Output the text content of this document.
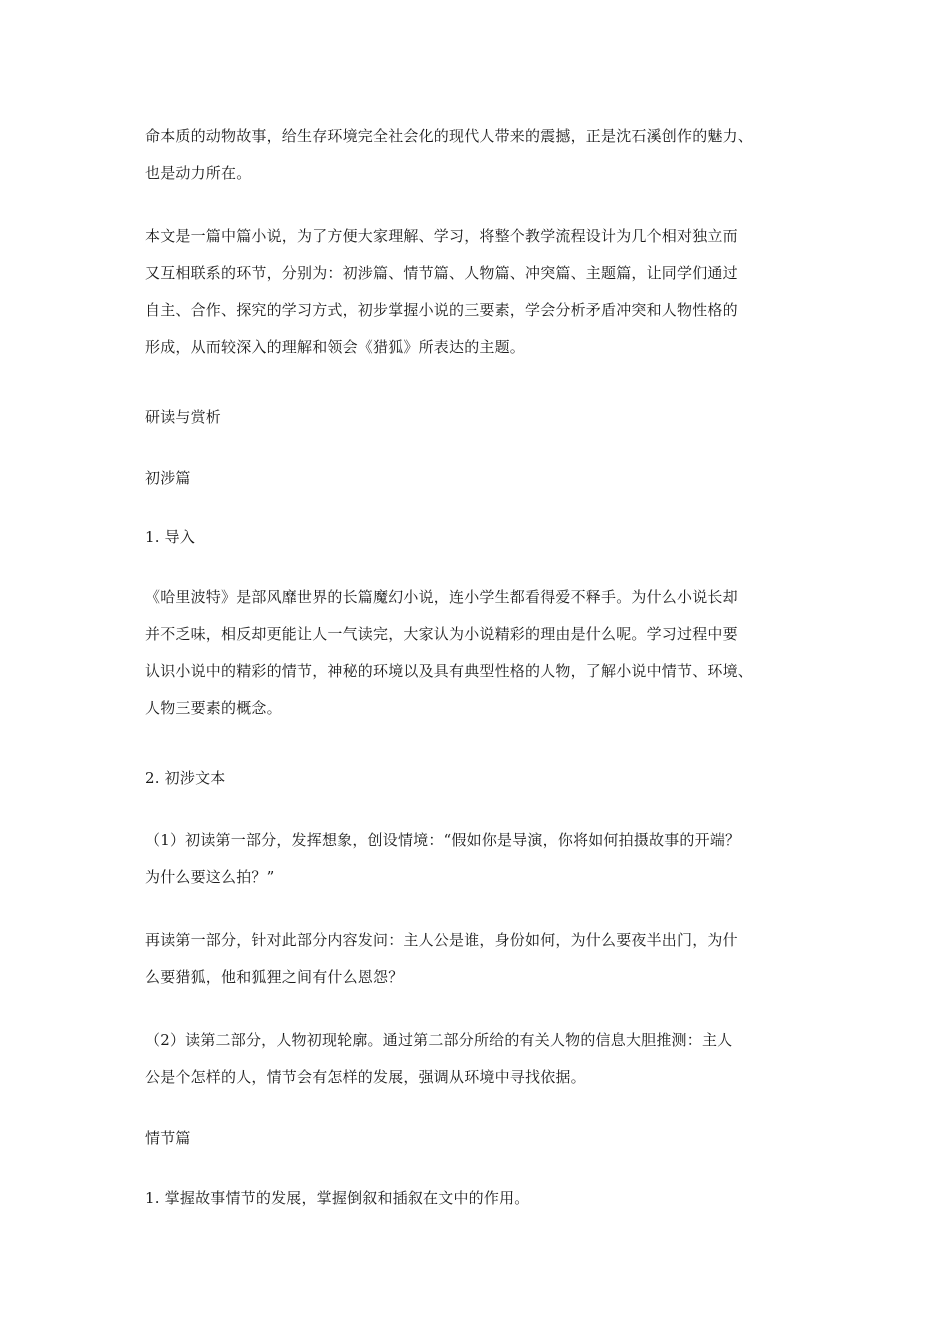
命本质的动物故事，给生存环境完全社会化的现代人带来的震撼，正是沈石溪创作的魅力、
也是动力所在。
本文是一篇中篇小说，为了方便大家理解、学习，将整个教学流程设计为几个相对独立而
又互相联系的环节，分别为：初涉篇、情节篇、人物篇、冲突篇、主题篇，让同学们通过
自主、合作、探究的学习方式，初步掌握小说的三要素，学会分析矛盾冲突和人物性格的
形成，从而较深入的理解和领会《猎狐》所表达的主题。
研读与赏析
初涉篇
1. 导入
《哈里波特》是部风靡世界的长篇魔幻小说，连小学生都看得爱不释手。为什么小说长却
并不乏味，相反却更能让人一气读完，大家认为小说精彩的理由是什么呢。学习过程中要
认识小说中的精彩的情节，神秘的环境以及具有典型性格的人物，了解小说中情节、环境、
人物三要素的概念。
2. 初涉文本
（1）初读第一部分，发挥想象，创设情境：“假如你是导演，你将如何拍摄故事的开端？
为什么要这么拍？”
再读第一部分，针对此部分内容发问：主人公是谁，身份如何，为什么要夜半出门，为什
么要猎狐，他和狐狸之间有什么恩怨？
（2）读第二部分，人物初现轮廓。通过第二部分所给的有关人物的信息大胆推测：主人
公是个怎样的人，情节会有怎样的发展，强调从环境中寻找依据。
情节篇
1. 掌握故事情节的发展，掌握倒叙和插叙在文中的作用。
